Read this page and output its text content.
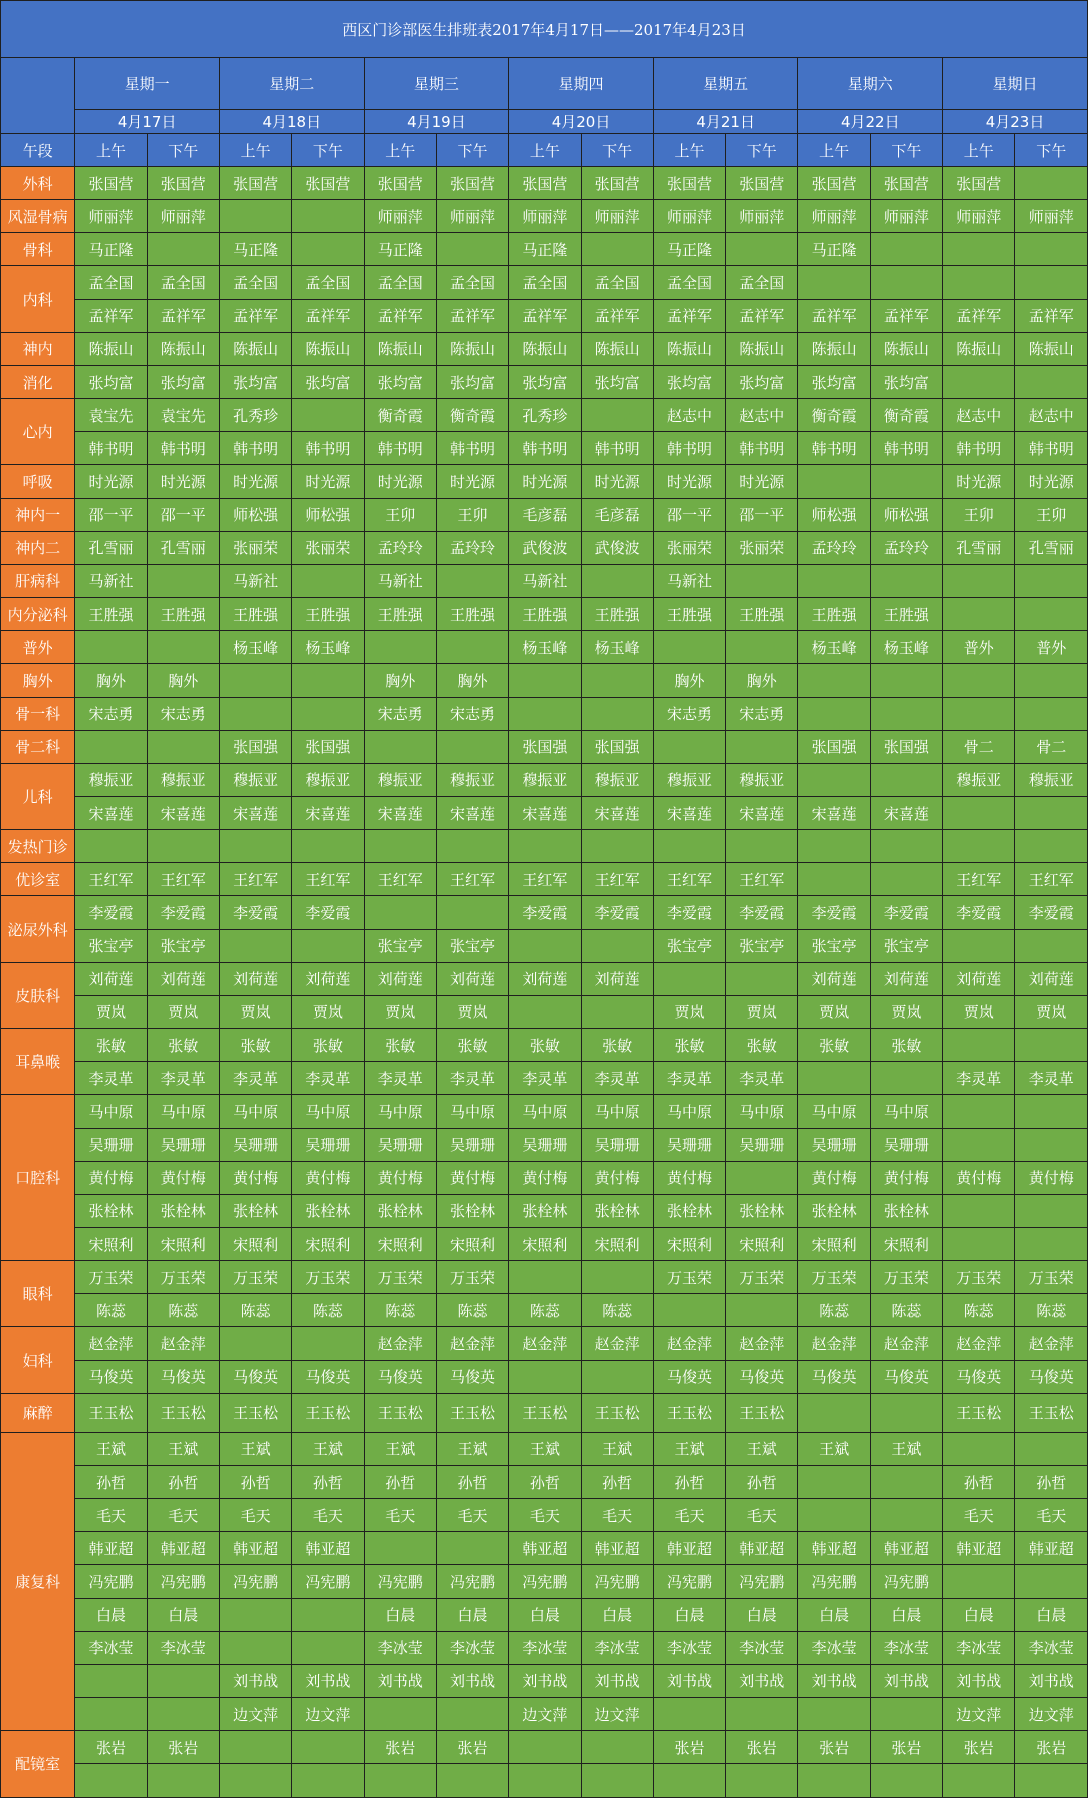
西区门诊部医生排班表2017年4月17日——2017年4月23日														
	星期一		星期二		星期三		星期四		星期五		星期六		星期日	
	4月17日		4月18日		4月19日		4月20日		4月21日		4月22日		4月23日	
午段	上午	下午	上午	下午	上午	下午	上午	下午	上午	下午	上午	下午	上午	下午
外科	张国营	张国营	张国营	张国营	张国营	张国营	张国营	张国营	张国营	张国营	张国营	张国营	张国营	
风湿骨病	师丽萍	师丽萍			师丽萍	师丽萍	师丽萍	师丽萍	师丽萍	师丽萍	师丽萍	师丽萍	师丽萍	师丽萍
骨科	马正隆		马正隆		马正隆		马正隆		马正隆		马正隆			
内科	孟全国	孟全国	孟全国	孟全国	孟全国	孟全国	孟全国	孟全国	孟全国	孟全国				
	孟祥军	孟祥军	孟祥军	孟祥军	孟祥军	孟祥军	孟祥军	孟祥军	孟祥军	孟祥军	孟祥军	孟祥军	孟祥军	孟祥军
神内	陈振山	陈振山	陈振山	陈振山	陈振山	陈振山	陈振山	陈振山	陈振山	陈振山	陈振山	陈振山	陈振山	陈振山
消化	张均富	张均富	张均富	张均富	张均富	张均富	张均富	张均富	张均富	张均富	张均富	张均富		
心内	袁宝先	袁宝先	孔秀珍		衡奇霞	衡奇霞	孔秀珍		赵志中	赵志中	衡奇霞	衡奇霞	赵志中	赵志中
	韩书明	韩书明	韩书明	韩书明	韩书明	韩书明	韩书明	韩书明	韩书明	韩书明	韩书明	韩书明	韩书明	韩书明
呼吸	时光源	时光源	时光源	时光源	时光源	时光源	时光源	时光源	时光源	时光源			时光源	时光源
神内一	邵一平	邵一平	师松强	师松强	王卯	王卯	毛彦磊	毛彦磊	邵一平	邵一平	师松强	师松强	王卯	王卯
神内二	孔雪丽	孔雪丽	张丽荣	张丽荣	孟玲玲	孟玲玲	武俊波	武俊波	张丽荣	张丽荣	孟玲玲	孟玲玲	孔雪丽	孔雪丽
肝病科	马新社		马新社		马新社		马新社		马新社					
内分泌科	王胜强	王胜强	王胜强	王胜强	王胜强	王胜强	王胜强	王胜强	王胜强	王胜强	王胜强	王胜强		
普外			杨玉峰	杨玉峰			杨玉峰	杨玉峰			杨玉峰	杨玉峰	普外	普外
胸外	胸外	胸外			胸外	胸外			胸外	胸外				
骨一科	宋志勇	宋志勇			宋志勇	宋志勇			宋志勇	宋志勇				
骨二科			张国强	张国强			张国强	张国强			张国强	张国强	骨二	骨二
儿科	穆振亚	穆振亚	穆振亚	穆振亚	穆振亚	穆振亚	穆振亚	穆振亚	穆振亚	穆振亚			穆振亚	穆振亚
	宋喜莲	宋喜莲	宋喜莲	宋喜莲	宋喜莲	宋喜莲	宋喜莲	宋喜莲	宋喜莲	宋喜莲	宋喜莲	宋喜莲		
发热门诊														
优诊室	王红军	王红军	王红军	王红军	王红军	王红军	王红军	王红军	王红军	王红军			王红军	王红军
泌尿外科	李爱霞	李爱霞	李爱霞	李爱霞			李爱霞	李爱霞	李爱霞	李爱霞	李爱霞	李爱霞	李爱霞	李爱霞
	张宝亭	张宝亭			张宝亭	张宝亭			张宝亭	张宝亭	张宝亭	张宝亭		
皮肤科	刘荷莲	刘荷莲	刘荷莲	刘荷莲	刘荷莲	刘荷莲	刘荷莲	刘荷莲			刘荷莲	刘荷莲	刘荷莲	刘荷莲
	贾岚	贾岚	贾岚	贾岚	贾岚	贾岚			贾岚	贾岚	贾岚	贾岚	贾岚	贾岚
耳鼻喉	张敏	张敏	张敏	张敏	张敏	张敏	张敏	张敏	张敏	张敏	张敏	张敏		
	李灵革	李灵革	李灵革	李灵革	李灵革	李灵革	李灵革	李灵革	李灵革	李灵革			李灵革	李灵革
口腔科	马中原	马中原	马中原	马中原	马中原	马中原	马中原	马中原	马中原	马中原	马中原	马中原		
	吴珊珊	吴珊珊	吴珊珊	吴珊珊	吴珊珊	吴珊珊	吴珊珊	吴珊珊	吴珊珊	吴珊珊	吴珊珊	吴珊珊		
	黄付梅	黄付梅	黄付梅	黄付梅	黄付梅	黄付梅	黄付梅	黄付梅	黄付梅		黄付梅	黄付梅	黄付梅	黄付梅
	张栓林	张栓林	张栓林	张栓林	张栓林	张栓林	张栓林	张栓林	张栓林	张栓林	张栓林	张栓林		
	宋照利	宋照利	宋照利	宋照利	宋照利	宋照利	宋照利	宋照利	宋照利	宋照利	宋照利	宋照利		
眼科	万玉荣	万玉荣	万玉荣	万玉荣	万玉荣	万玉荣			万玉荣	万玉荣	万玉荣	万玉荣	万玉荣	万玉荣
	陈蕊	陈蕊	陈蕊	陈蕊	陈蕊	陈蕊	陈蕊	陈蕊			陈蕊	陈蕊	陈蕊	陈蕊
妇科	赵金萍	赵金萍			赵金萍	赵金萍	赵金萍	赵金萍	赵金萍	赵金萍	赵金萍	赵金萍	赵金萍	赵金萍
	马俊英	马俊英	马俊英	马俊英	马俊英	马俊英			马俊英	马俊英	马俊英	马俊英	马俊英	马俊英
麻醉	王玉松	王玉松	王玉松	王玉松	王玉松	王玉松	王玉松	王玉松	王玉松	王玉松			王玉松	王玉松
康复科	王斌	王斌	王斌	王斌	王斌	王斌	王斌	王斌	王斌	王斌	王斌	王斌		
	孙哲	孙哲	孙哲	孙哲	孙哲	孙哲	孙哲	孙哲	孙哲	孙哲			孙哲	孙哲
	毛天	毛天	毛天	毛天	毛天	毛天	毛天	毛天	毛天	毛天			毛天	毛天
	韩亚超	韩亚超	韩亚超	韩亚超			韩亚超	韩亚超	韩亚超	韩亚超	韩亚超	韩亚超	韩亚超	韩亚超
	冯宪鹏	冯宪鹏	冯宪鹏	冯宪鹏	冯宪鹏	冯宪鹏	冯宪鹏	冯宪鹏	冯宪鹏	冯宪鹏	冯宪鹏	冯宪鹏		
	白晨	白晨			白晨	白晨	白晨	白晨	白晨	白晨	白晨	白晨	白晨	白晨
	李冰莹	李冰莹			李冰莹	李冰莹	李冰莹	李冰莹	李冰莹	李冰莹	李冰莹	李冰莹	李冰莹	李冰莹
			刘书战	刘书战	刘书战	刘书战	刘书战	刘书战	刘书战	刘书战	刘书战	刘书战	刘书战	刘书战
			边文萍	边文萍			边文萍	边文萍					边文萍	边文萍
配镜室	张岩	张岩			张岩	张岩			张岩	张岩	张岩	张岩	张岩	张岩
